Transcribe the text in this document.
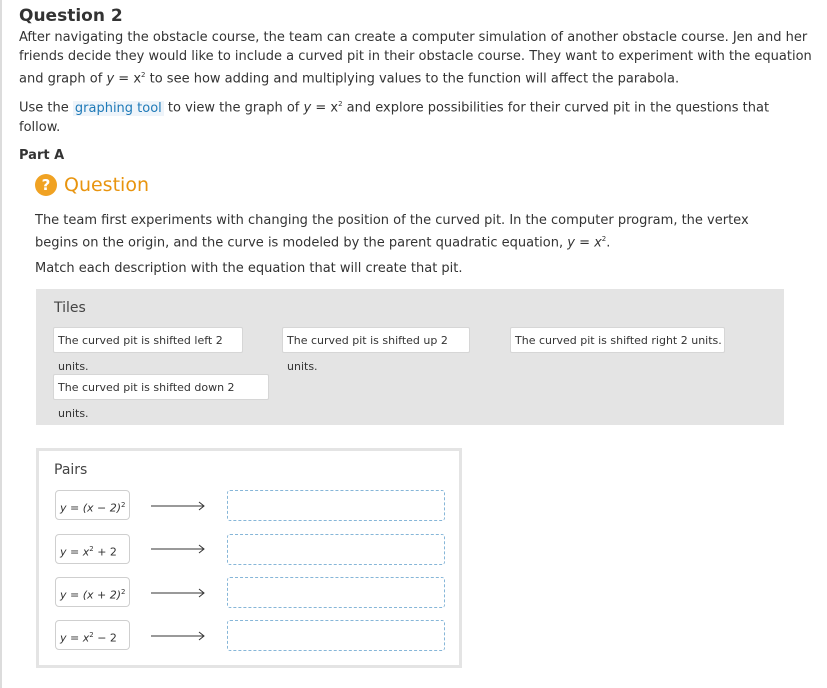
Question 2

After navigating the obstacle course, the team can create a computer simulation of another obstacle course. Jen and her friends decide they would like to include a curved pit in their obstacle course. They want to experiment with the equation and graph of $y = x^2$ to see how adding and multiplying values to the function will affect the parabola.

Use the graphing tool to view the graph of $y = x^2$ and explore possibilities for their curved pit in the questions that follow.

Part A
? Question

The team first experiments with changing the position of the curved pit. In the computer program, the vertex begins on the origin, and the curve is modeled by the parent quadratic equation, $y = x^2$.

Match each description with the equation that will create that pit.

Tiles
The curved pit is shifted left 2 units.
The curved pit is shifted up 2 units.
The curved pit is shifted right 2 units.
The curved pit is shifted down 2 units.
Pairs
$y = (x - 2)^2$
$y = x^2 + 2$
$y = (x + 2)^2$
$y = x^2 - 2$
